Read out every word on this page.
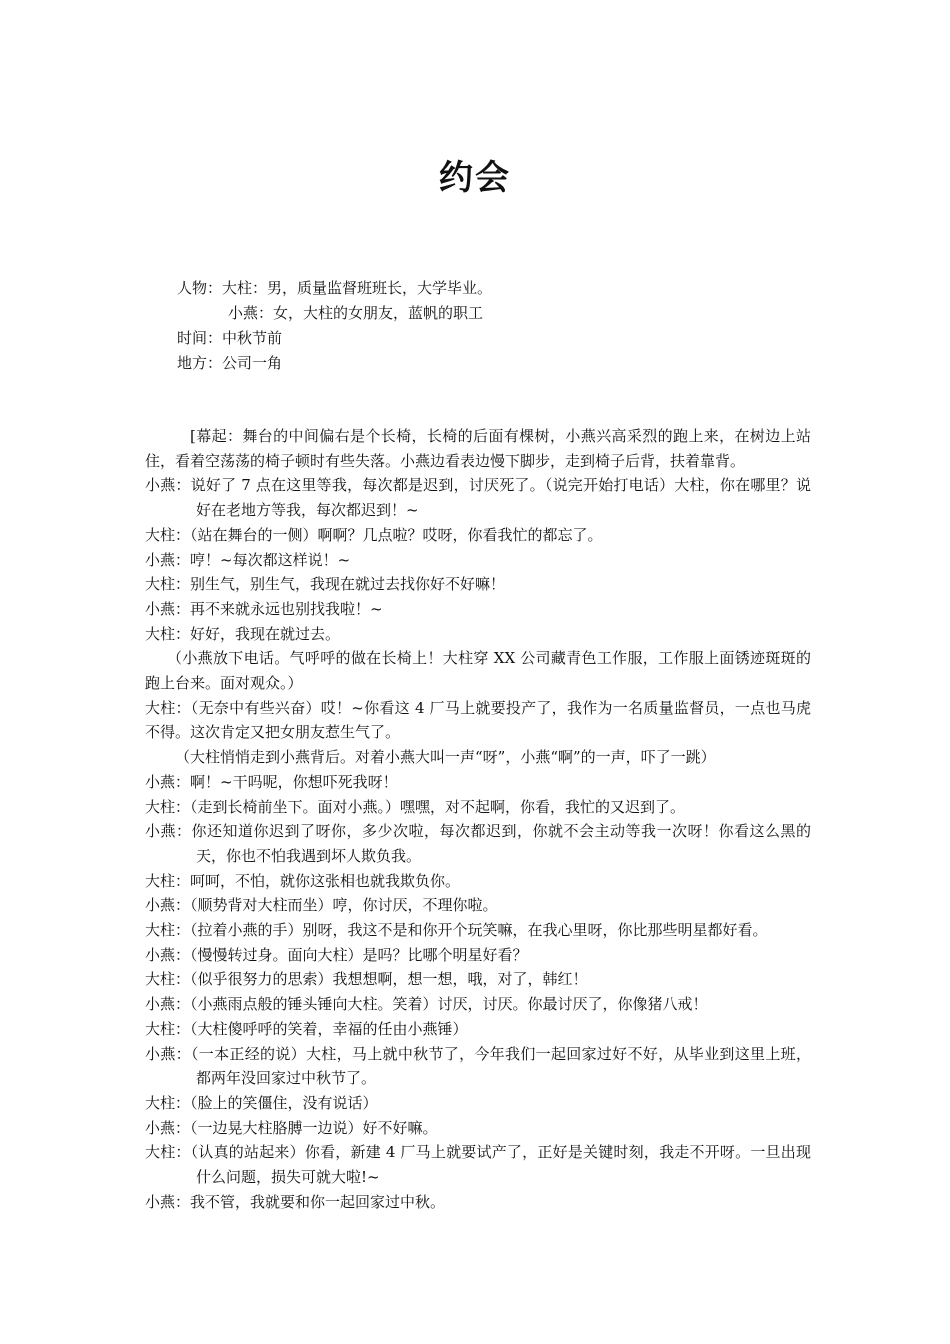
约会
人物：大柱：男，质量监督班班长，大学毕业。
小燕：女，大柱的女朋友，蓝帆的职工
时间：中秋节前
地方：公司一角

[幕起：舞台的中间偏右是个长椅，长椅的后面有棵树，小燕兴高采烈的跑上来，在树边上站住，看着空荡荡的椅子顿时有些失落。小燕边看表边慢下脚步，走到椅子后背，扶着靠背。

小燕：说好了 7 点在这里等我，每次都是迟到，讨厌死了。（说完开始打电话）大柱，你在哪里？说好在老地方等我，每次都迟到！~

大柱：（站在舞台的一侧）啊啊？几点啦？哎呀，你看我忙的都忘了。

小燕：哼！~每次都这样说！~

大柱：别生气，别生气，我现在就过去找你好不好嘛！

小燕：再不来就永远也别找我啦！~

大柱：好好，我现在就过去。

（小燕放下电话。气呼呼的做在长椅上！大柱穿 XX 公司藏青色工作服，工作服上面锈迹斑斑的跑上台来。面对观众。）

大柱：（无奈中有些兴奋）哎！~你看这 4 厂马上就要投产了，我作为一名质量监督员，一点也马虎不得。这次肯定又把女朋友惹生气了。

（大柱悄悄走到小燕背后。对着小燕大叫一声“呀”，小燕“啊”的一声，吓了一跳）

小燕：啊！~干吗呢，你想吓死我呀！

大柱：（走到长椅前坐下。面对小燕。）嘿嘿，对不起啊，你看，我忙的又迟到了。

小燕：你还知道你迟到了呀你，多少次啦，每次都迟到，你就不会主动等我一次呀！你看这么黑的天，你也不怕我遇到坏人欺负我。

大柱：呵呵，不怕，就你这张相也就我欺负你。

小燕：（顺势背对大柱而坐）哼，你讨厌，不理你啦。

大柱：（拉着小燕的手）别呀，我这不是和你开个玩笑嘛，在我心里呀，你比那些明星都好看。

小燕：（慢慢转过身。面向大柱）是吗？比哪个明星好看？

大柱：（似乎很努力的思索）我想想啊，想一想，哦，对了，韩红！

小燕：（小燕雨点般的锤头锤向大柱。笑着）讨厌，讨厌。你最讨厌了，你像猪八戒！

大柱：（大柱傻呼呼的笑着，幸福的任由小燕锤）

小燕：（一本正经的说）大柱，马上就中秋节了，今年我们一起回家过好不好，从毕业到这里上班，都两年没回家过中秋节了。

大柱：（脸上的笑僵住，没有说话）

小燕：（一边晃大柱胳膊一边说）好不好嘛。

大柱：（认真的站起来）你看，新建 4 厂马上就要试产了，正好是关键时刻，我走不开呀。一旦出现什么问题，损失可就大啦!~

小燕：我不管，我就要和你一起回家过中秋。
